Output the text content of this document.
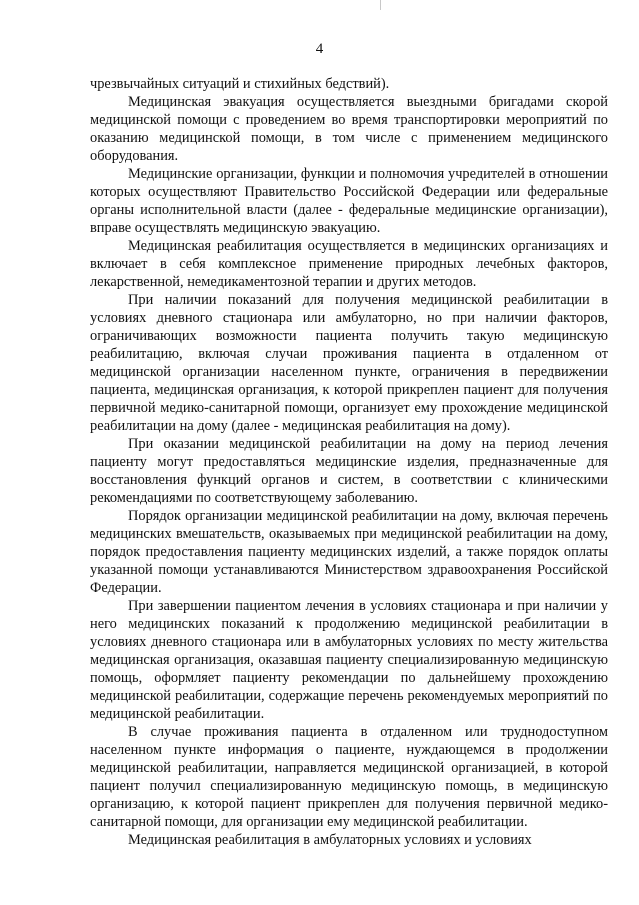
4

чрезвычайных ситуаций и стихийных бедствий).

Медицинская эвакуация осуществляется выездными бригадами скорой медицинской помощи с проведением во время транспортировки мероприятий по оказанию медицинской помощи, в том числе с применением медицинского оборудования.

Медицинские организации, функции и полномочия учредителей в отношении которых осуществляют Правительство Российской Федерации или федеральные органы исполнительной власти (далее - федеральные медицинские организации), вправе осуществлять медицинскую эвакуацию.

Медицинская реабилитация осуществляется в медицинских организациях и включает в себя комплексное применение природных лечебных факторов, лекарственной, немедикаментозной терапии и других методов.

При наличии показаний для получения медицинской реабилитации в условиях дневного стационара или амбулаторно, но при наличии факторов, ограничивающих возможности пациента получить такую медицинскую реабилитацию, включая случаи проживания пациента в отдаленном от медицинской организации населенном пункте, ограничения в передвижении пациента, медицинская организация, к которой прикреплен пациент для получения первичной медико-санитарной помощи, организует ему прохождение медицинской реабилитации на дому (далее - медицинская реабилитация на дому).

При оказании медицинской реабилитации на дому на период лечения пациенту могут предоставляться медицинские изделия, предназначенные для восстановления функций органов и систем, в соответствии с клиническими рекомендациями по соответствующему заболеванию.

Порядок организации медицинской реабилитации на дому, включая перечень медицинских вмешательств, оказываемых при медицинской реабилитации на дому, порядок предоставления пациенту медицинских изделий, а также порядок оплаты указанной помощи устанавливаются Министерством здравоохранения Российской Федерации.

При завершении пациентом лечения в условиях стационара и при наличии у него медицинских показаний к продолжению медицинской реабилитации в условиях дневного стационара или в амбулаторных условиях по месту жительства медицинская организация, оказавшая пациенту специализированную медицинскую помощь, оформляет пациенту рекомендации по дальнейшему прохождению медицинской реабилитации, содержащие перечень рекомендуемых мероприятий по медицинской реабилитации.

В случае проживания пациента в отдаленном или труднодоступном населенном пункте информация о пациенте, нуждающемся в продолжении медицинской реабилитации, направляется медицинской организацией, в которой пациент получил специализированную медицинскую помощь, в медицинскую организацию, к которой пациент прикреплен для получения первичной медико-санитарной помощи, для организации ему медицинской реабилитации.

Медицинская реабилитация в амбулаторных условиях и условиях
